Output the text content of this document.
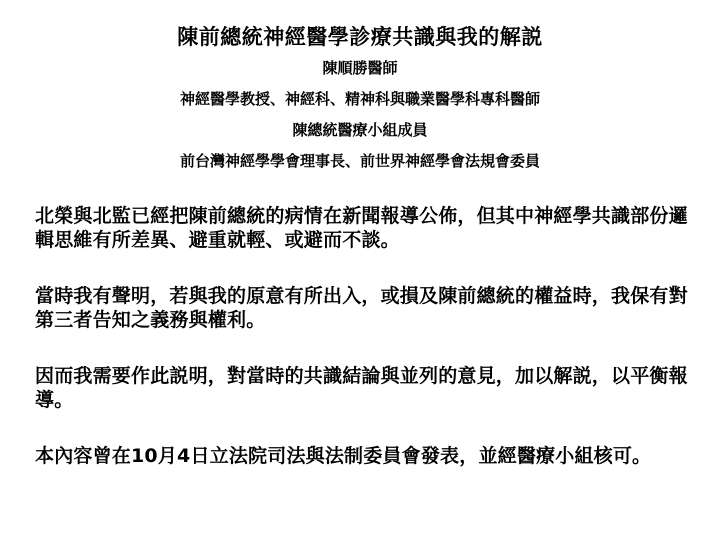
陳前總統神經醫學診療共識與我的解説
陳順勝醫師
神經醫學教授、神經科、精神科與職業醫學科專科醫師
陳總統醫療小組成員
前台灣神經學學會理事長、前世界神經學會法規會委員

北榮與北監已經把陳前總統的病情在新聞報導公佈，但其中神經學共識部份邏輯思維有所差異、避重就輕、或避而不談。

當時我有聲明，若與我的原意有所出入，或損及陳前總統的權益時，我保有對第三者告知之義務與權利。

因而我需要作此説明，對當時的共識結論與並列的意見，加以解説，以平衡報導。

本內容曾在10月4日立法院司法與法制委員會發表，並經醫療小組核可。
